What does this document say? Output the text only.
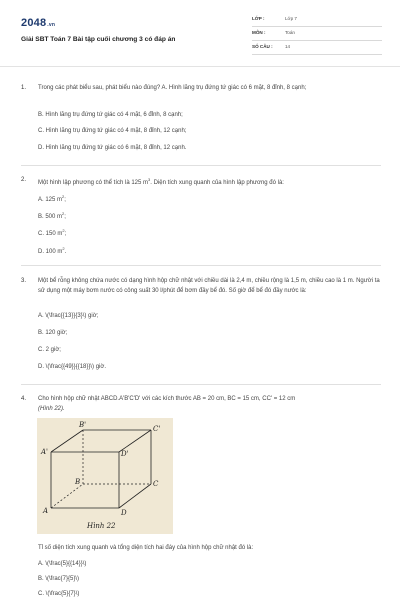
2048.vn
Giải SBT Toán 7 Bài tập cuối chương 3 có đáp án
LỚP :	Lớp 7
MÔN :	Toán
SỐ CÂU :	14
1. Trong các phát biểu sau, phát biểu nào đúng? A. Hình lăng trụ đứng tứ giác có 6 mặt, 8 đỉnh, 8 cạnh;
B. Hình lăng trụ đứng tứ giác có 4 mặt, 6 đỉnh, 8 cạnh;
C. Hình lăng trụ đứng tứ giác có 4 mặt, 8 đỉnh, 12 cạnh;
D. Hình lăng trụ đứng tứ giác có 6 mặt, 8 đỉnh, 12 cạnh.
2. Một hình lập phương có thể tích là 125 $m^3$. Diện tích xung quanh của hình lập phương đó là:
A. 125 $m^2$;
B. 500 $m^2$;
C. 150 $m^2$;
D. 100 $m^2$.
3. Một bể rỗng không chứa nước có dạng hình hộp chữ nhật với chiều dài là 2,4 m, chiều rộng là 1,5 m, chiều cao là 1 m. Người ta sử dụng một máy bơm nước có công suất 30 l/phút để bơm đầy bể đó. Số giờ để bể đó đầy nước là:
A. \(\frac{{13}}{3}\) giờ;
B. 120 giờ;
C. 2 giờ;
D. \(\frac{{49}}{{18}}\) giờ.
4. Cho hình hộp chữ nhật ABCD.A'B'C'D' với các kích thước AB = 20 cm, BC = 15 cm, CC' = 12 cm
(Hình 22).
B'	C'
A'	D'
B	C
A	D
Hình 22
Tỉ số diện tích xung quanh và tổng diện tích hai đáy của hình hộp chữ nhật đó là:
A. \(\frac{5}{{14}}\)
B. \(\frac{7}{5}\)
C. \(\frac{5}{7}\)
